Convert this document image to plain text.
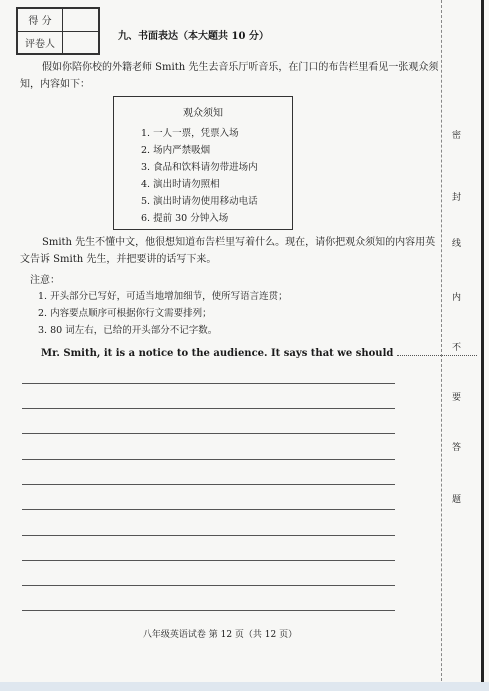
得 分	
评卷人	
九、书面表达（本大题共 10 分）
假如你陪你校的外籍老师 Smith 先生去音乐厅听音乐，在门口的布告栏里看见一张观众须知，内容如下：
观众须知
1. 一人一票，凭票入场
2. 场内严禁吸烟
3. 食品和饮料请勿带进场内
4. 演出时请勿照相
5. 演出时请勿使用移动电话
6. 提前 30 分钟入场
Smith 先生不懂中文，他很想知道布告栏里写着什么。现在，请你把观众须知的内容用英文告诉 Smith 先生，并把要讲的话写下来。
注意：
1. 开头部分已写好，可适当地增加细节，使所写语言连贯；
2. 内容要点顺序可根据你行文需要排列；
3. 80 词左右，已给的开头部分不记字数。
Mr. Smith, it is a notice to the audience. It says that we should
八年级英语试卷 第 12 页（共 12 页）
密
封
线
内
不
要
答
题
